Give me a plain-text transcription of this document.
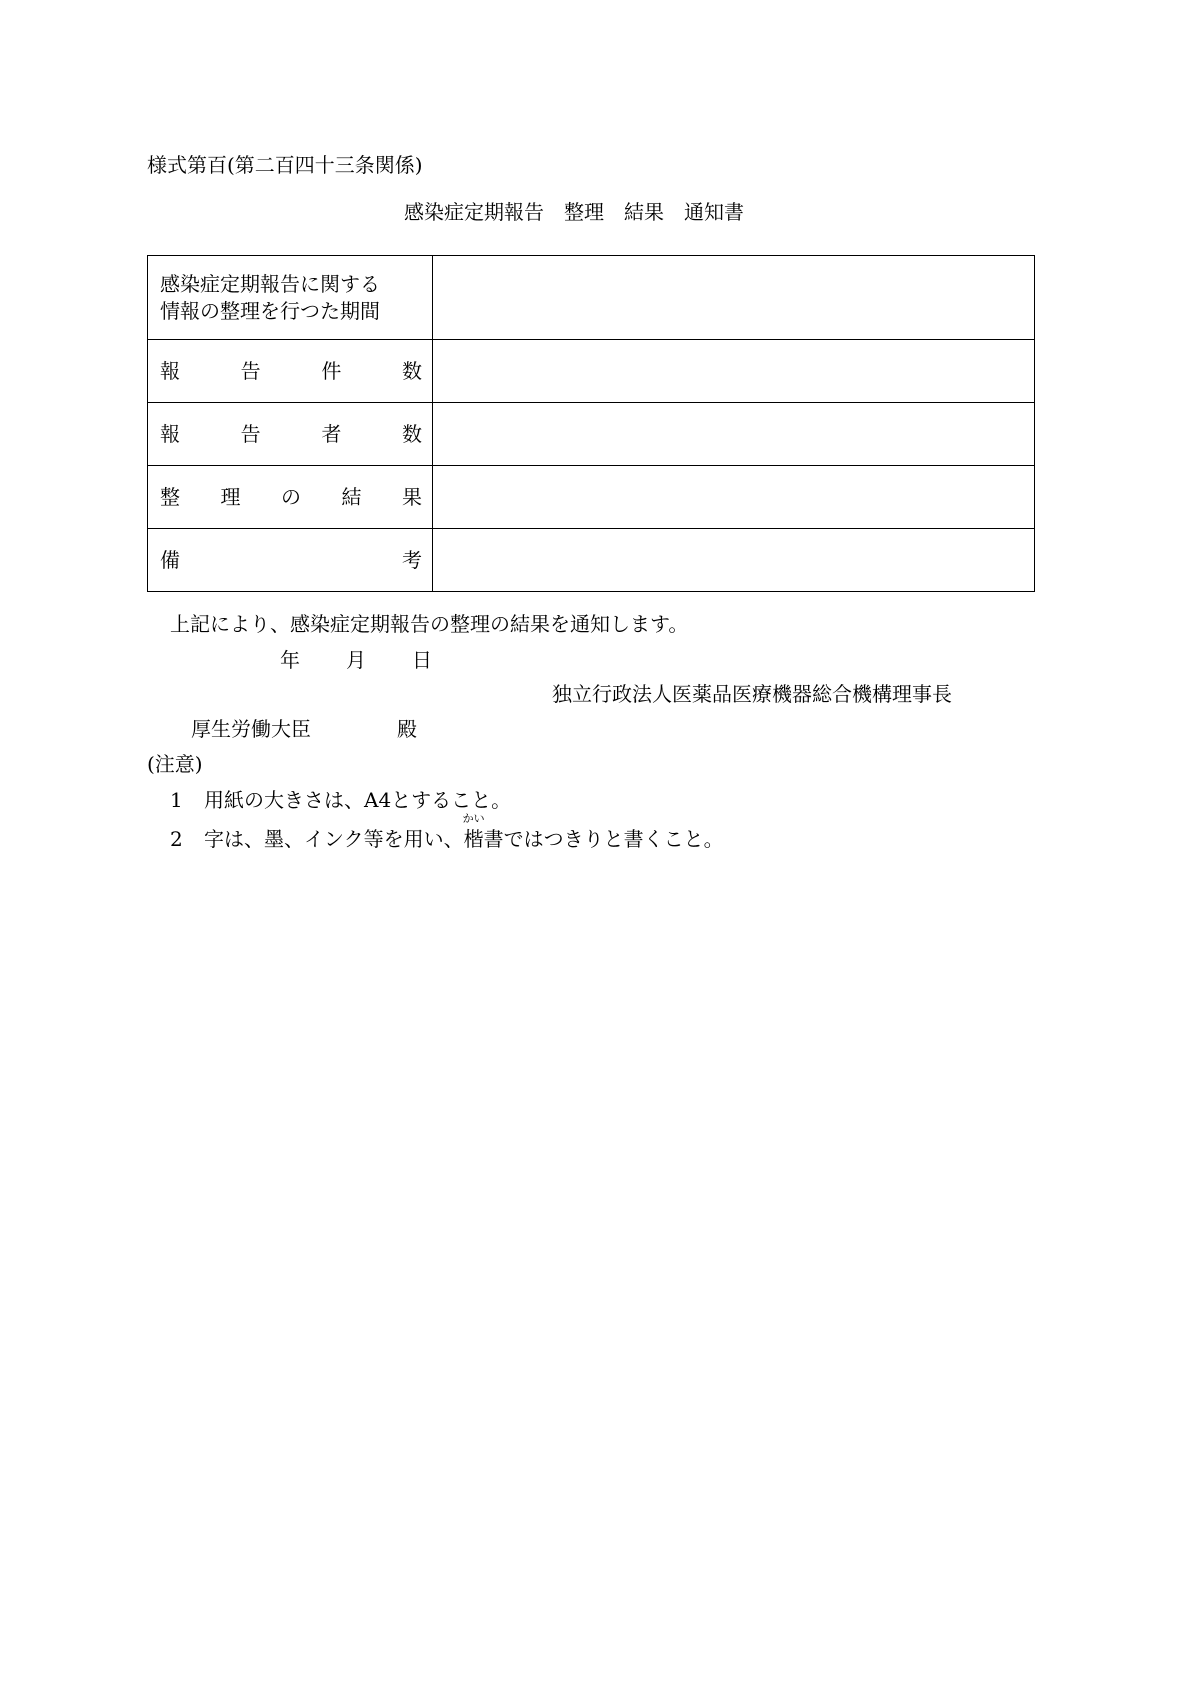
様式第百(第二百四十三条関係)
感染症定期報告　整理　結果　通知書
感染症定期報告に関する
情報の整理を行つた期間	

報 告 件 数	

報 告 者 数	

整 理 の 結 果	

備 考	

上記により、感染症定期報告の整理の結果を通知します。
年 月 日
独立行政法人医薬品医療機器総合機構理事長
厚生労働大臣	殿
(注意)
1 用紙の大きさは、A4とすること。
2 字は、墨、インク等を用い、
かい
楷書ではつきりと書くこと。
